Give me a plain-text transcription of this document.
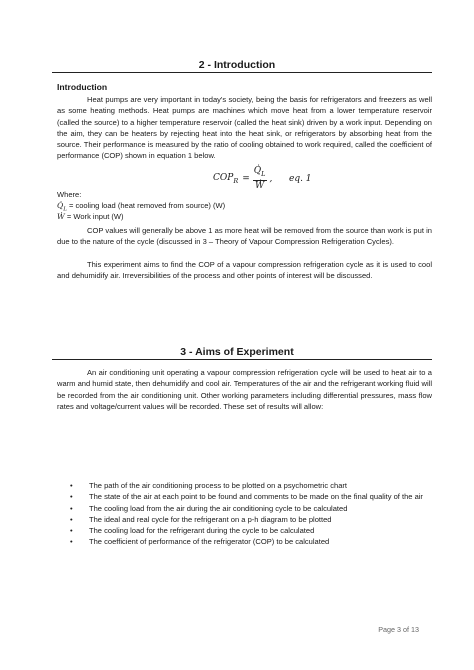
2 - Introduction
Introduction

Heat pumps are very important in today's society, being the basis for refrigerators and freezers as well as some heating methods. Heat pumps are machines which move heat from a lower temperature reservoir (called the source) to a higher temperature reservoir (called the heat sink) driven by a work input. Depending on the aim, they can be heaters by rejecting heat into the heat sink, or refrigerators by absorbing heat from the source. Their performance is measured by the ratio of cooling obtained to work required, called the coefficient of performance (COP) shown in equation 1 below.

$COP_R = \frac{Q̇_L}{\text{Ẇ}}$ , eq. 1
Where:
$Q̇_L$ = cooling load (heat removed from source) (W)
Ẇ = Work input (W)

COP values will generally be above 1 as more heat will be removed from the source than work is put in due to the nature of the cycle (discussed in 3 – Theory of Vapour Compression Refrigeration Cycles).

This experiment aims to find the COP of a vapour compression refrigeration cycle as it is used to cool and dehumidify air. Irreversibilities of the process and other points of interest will be discussed.

3 - Aims of Experiment

An air conditioning unit operating a vapour compression refrigeration cycle will be used to heat air to a warm and humid state, then dehumidify and cool air. Temperatures of the air and the refrigerant working fluid will be recorded from the air conditioning unit. Other working parameters including differential pressures, mass flow rates and voltage/current values will be recorded. These set of results will allow:

• The path of the air conditioning process to be plotted on a psychometric chart
• The state of the air at each point to be found and comments to be made on the final quality of the air
• The cooling load from the air during the air conditioning cycle to be calculated
• The ideal and real cycle for the refrigerant on a p-h diagram to be plotted
• The cooling load for the refrigerant during the cycle to be calculated
• The coefficient of performance of the refrigerator (COP) to be calculated
Page 3 of 13
